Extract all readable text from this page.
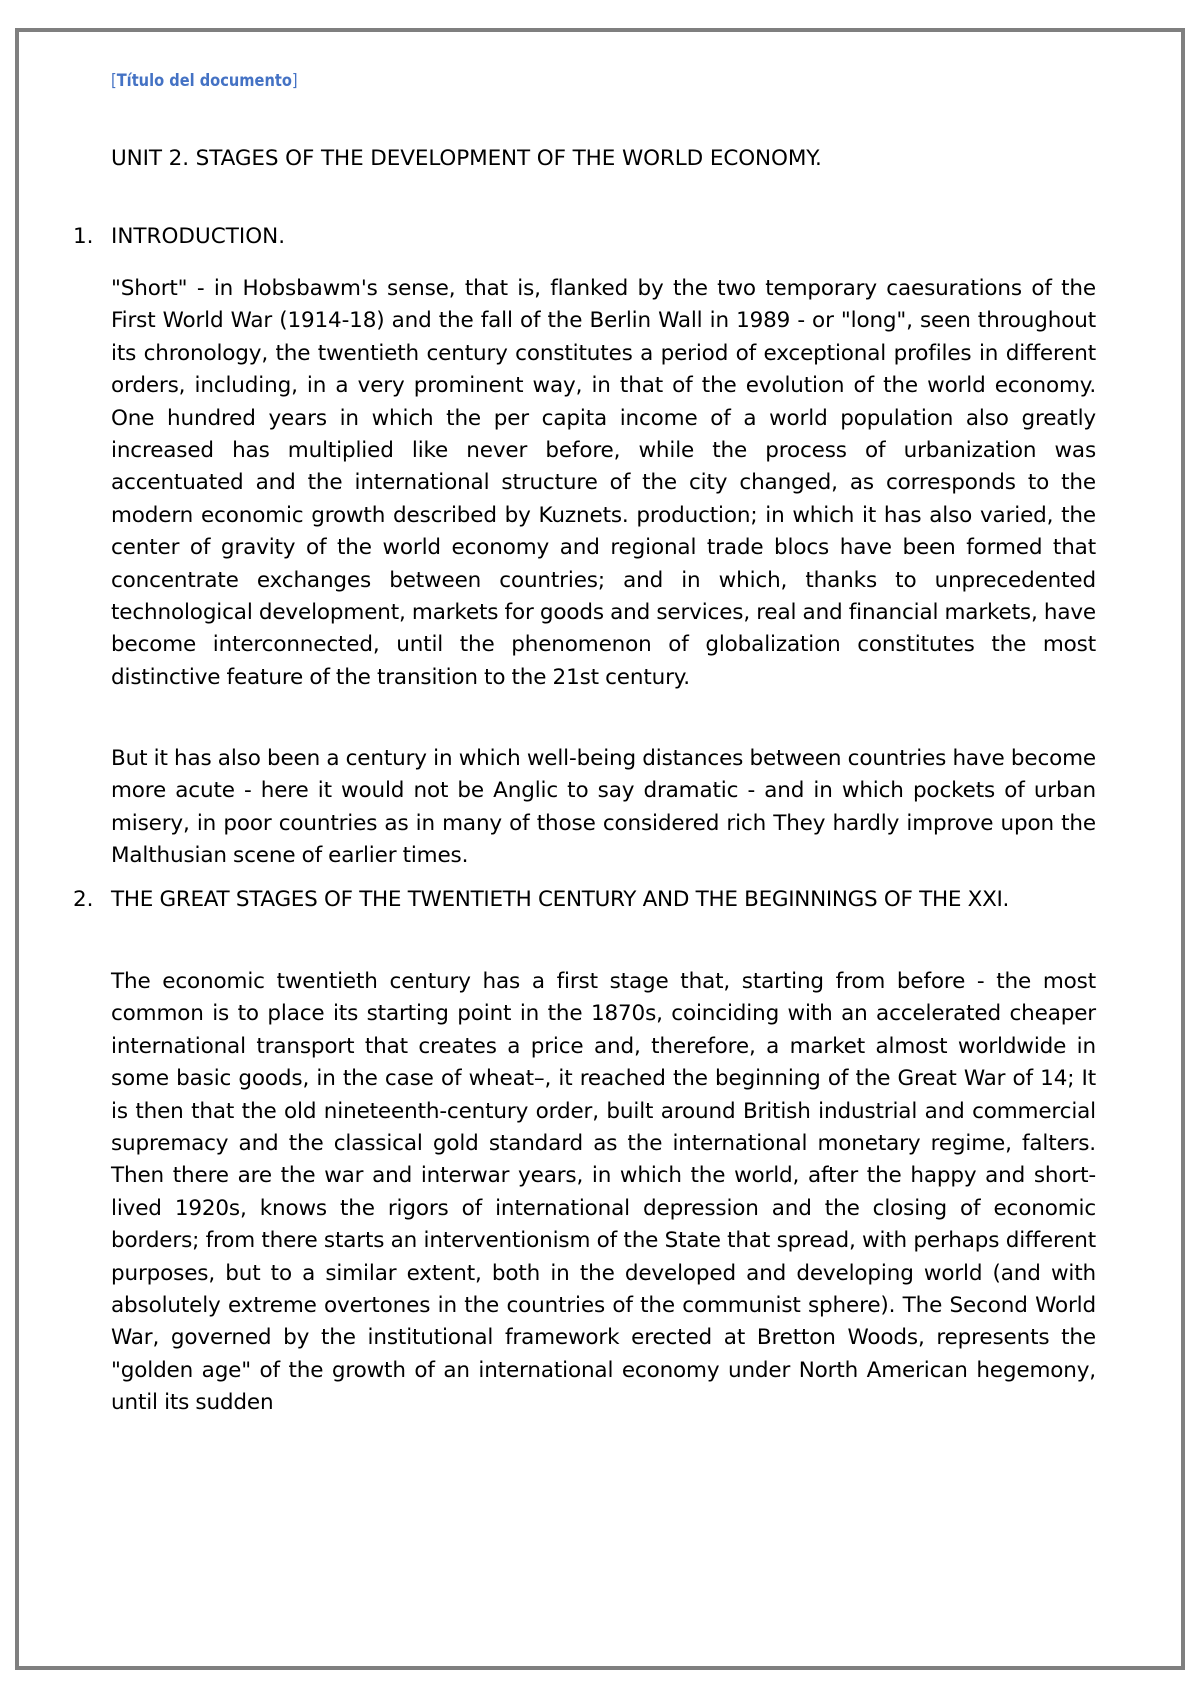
[Título del documento]
UNIT 2. STAGES OF THE DEVELOPMENT OF THE WORLD ECONOMY.
1. INTRODUCTION.

"Short" - in Hobsbawm's sense, that is, flanked by the two temporary caesurations of the First World War (1914-18) and the fall of the Berlin Wall in 1989 - or "long", seen throughout its chronology, the twentieth century constitutes a period of exceptional profiles in different orders, including, in a very prominent way, in that of the evolution of the world economy. One hundred years in which the per capita income of a world population also greatly increased has multiplied like never before, while the process of urbanization was accentuated and the international structure of the city changed, as corresponds to the modern economic growth described by Kuznets. production; in which it has also varied, the center of gravity of the world economy and regional trade blocs have been formed that concentrate exchanges between countries; and in which, thanks to unprecedented technological development, markets for goods and services, real and financial markets, have become interconnected, until the phenomenon of globalization constitutes the most distinctive feature of the transition to the 21st century.

But it has also been a century in which well-being distances between countries have become more acute - here it would not be Anglic to say dramatic - and in which pockets of urban misery, in poor countries as in many of those considered rich They hardly improve upon the Malthusian scene of earlier times.

2. THE GREAT STAGES OF THE TWENTIETH CENTURY AND THE BEGINNINGS OF THE XXI.

The economic twentieth century has a first stage that, starting from before - the most common is to place its starting point in the 1870s, coinciding with an accelerated cheaper international transport that creates a price and, therefore, a market almost worldwide in some basic goods, in the case of wheat–, it reached the beginning of the Great War of 14; It is then that the old nineteenth-century order, built around British industrial and commercial supremacy and the classical gold standard as the international monetary regime, falters. Then there are the war and interwar years, in which the world, after the happy and short-lived 1920s, knows the rigors of international depression and the closing of economic borders; from there starts an interventionism of the State that spread, with perhaps different purposes, but to a similar extent, both in the developed and developing world (and with absolutely extreme overtones in the countries of the communist sphere). The Second World War, governed by the institutional framework erected at Bretton Woods, represents the "golden age" of the growth of an international economy under North American hegemony, until its sudden
